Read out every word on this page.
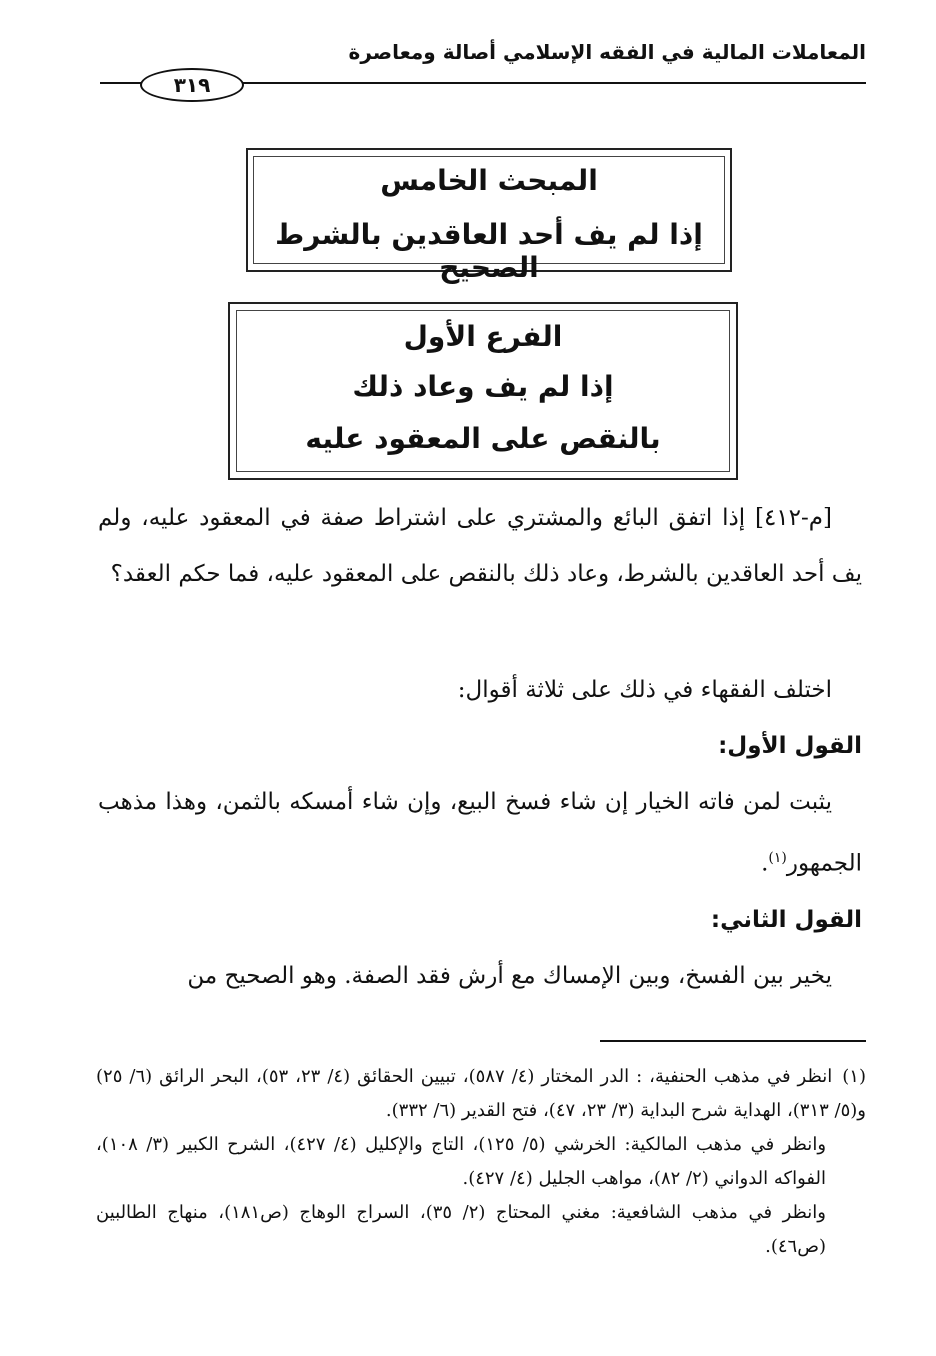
المعاملات المالية في الفقه الإسلامي أصالة ومعاصرة
٣١٩
المبحث الخامس
إذا لم يف أحد العاقدين بالشرط الصحيح
الفرع الأول
إذا لم يف وعاد ذلك
بالنقص على المعقود عليه

[م-٤١٢] إذا اتفق البائع والمشتري على اشتراط صفة في المعقود عليه، ولم يف أحد العاقدين بالشرط، وعاد ذلك بالنقص على المعقود عليه، فما حكم العقد؟

اختلف الفقهاء في ذلك على ثلاثة أقوال:

القول الأول:

يثبت لمن فاته الخيار إن شاء فسخ البيع، وإن شاء أمسكه بالثمن، وهذا مذهب الجمهور$^{(١)}$.

القول الثاني:

يخير بين الفسخ، وبين الإمساك مع أرش فقد الصفة. وهو الصحيح من

(١)انظر في مذهب الحنفية، : الدر المختار (٤/ ٥٨٧)، تبيين الحقائق (٤/ ٢٣، ٥٣)، البحر الرائق (٦/ ٢٥) و(٥/ ٣١٣)، الهداية شرح البداية (٣/ ٢٣، ٤٧)، فتح القدير (٦/ ٣٣٢).

وانظر في مذهب المالكية: الخرشي (٥/ ١٢٥)، التاج والإكليل (٤/ ٤٢٧)، الشرح الكبير (٣/ ١٠٨)، الفواكه الدواني (٢/ ٨٢)، مواهب الجليل (٤/ ٤٢٧).

وانظر في مذهب الشافعية: مغني المحتاج (٢/ ٣٥)، السراج الوهاج (ص١٨١)، منهاج الطالبين (ص٤٦).
